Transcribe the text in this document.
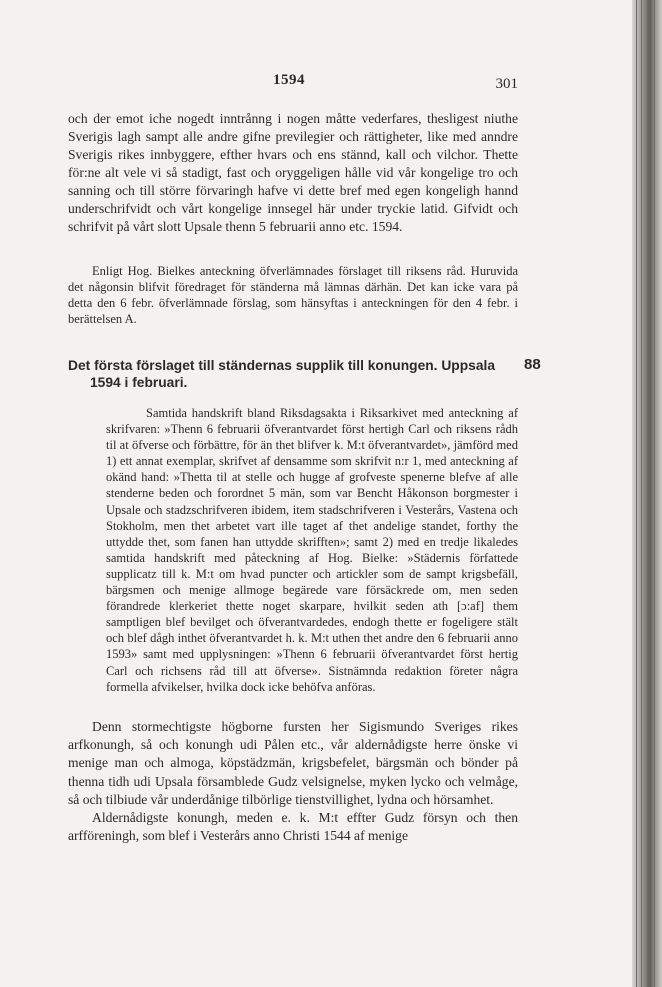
1594	301

och der emot iche nogedt inntrånng i nogen måtte vederfares, thesligest niuthe Sverigis lagh sampt alle andre gifne previlegier och rättigheter, like med anndre Sverigis rikes innbyggere, efther hvars och ens stännd, kall och vilchor. Thette för:ne alt vele vi så stadigt, fast och oryggeligen hålle vid vår kongelige tro och sanning och till större förvaringh hafve vi dette bref med egen kongeligh hannd underschrifvidt och vårt kongelige innsegel här under tryckie latid. Gifvidt och schrifvit på vårt slott Upsale thenn 5 februarii anno etc. 1594.

Enligt Hog. Bielkes anteckning öfverlämnades förslaget till riksens råd. Huruvida det någonsin blifvit föredraget för ständerna må lämnas därhän. Det kan icke vara på detta den 6 febr. öfverlämnade förslag, som hänsyftas i anteckningen för den 4 febr. i berättelsen A.

Det första förslaget till ständernas supplik till konungen. Uppsala 1594 i februari.

88

Samtida handskrift bland Riksdagsakta i Riksarkivet med anteckning af skrifvaren: »Thenn 6 februarii öfverantvardet först hertigh Carl och riksens rådh til at öfverse och förbättre, för än thet blifver k. M:t öfverantvardet», jämförd med 1) ett annat exemplar, skrifvet af densamme som skrifvit n:r 1, med anteckning af okänd hand: »Thetta til at stelle och hugge af grofveste spenerne blefve af alle stenderne beden och forordnet 5 män, som var Bencht Håkonson borgmester i Upsale och stadzschrifveren ibidem, item stadschrifveren i Vesterårs, Vastena och Stokholm, men thet arbetet vart ille taget af thet andelige standet, forthy the uttydde thet, som fanen han uttydde skrifften»; samt 2) med en tredje likaledes samtida handskrift med påteckning af Hog. Bielke: »Städernis författede supplicatz till k. M:t om hvad puncter och artickler som de sampt krigsbefäll, bärgsmen och menige allmoge begärede vare försäckrede om, men seden förandrede klerkeriet thette noget skarpare, hvilkit seden ath [ɔ:af] them samptligen blef bevilget och öfverantvardedes, endogh thette er fogeligere stält och blef dågh inthet öfverantvardet h. k. M:t uthen thet andre den 6 februarii anno 1593» samt med upplysningen: »Thenn 6 februarii öfverantvardet först hertig Carl och richsens råd till att öfverse». Sistnämnda redaktion företer några formella afvikelser, hvilka dock icke behöfva anföras.

Denn stormechtigste högborne fursten her Sigismundo Sveriges rikes arfkonungh, så och konungh udi Pålen etc., vår aldernådigste herre önske vi menige man och almoga, köpstädzmän, krigsbefelet, bärgsmän och bönder på thenna tidh udi Upsala församblede Gudz velsignelse, myken lycko och velmåge, så och tilbiude vår underdånige tilbörlige tienstvillighet, lydna och hörsamhet.

Aldernådigste konungh, meden e. k. M:t effter Gudz försyn och then arfföreningh, som blef i Vesterårs anno Christi 1544 af menige
